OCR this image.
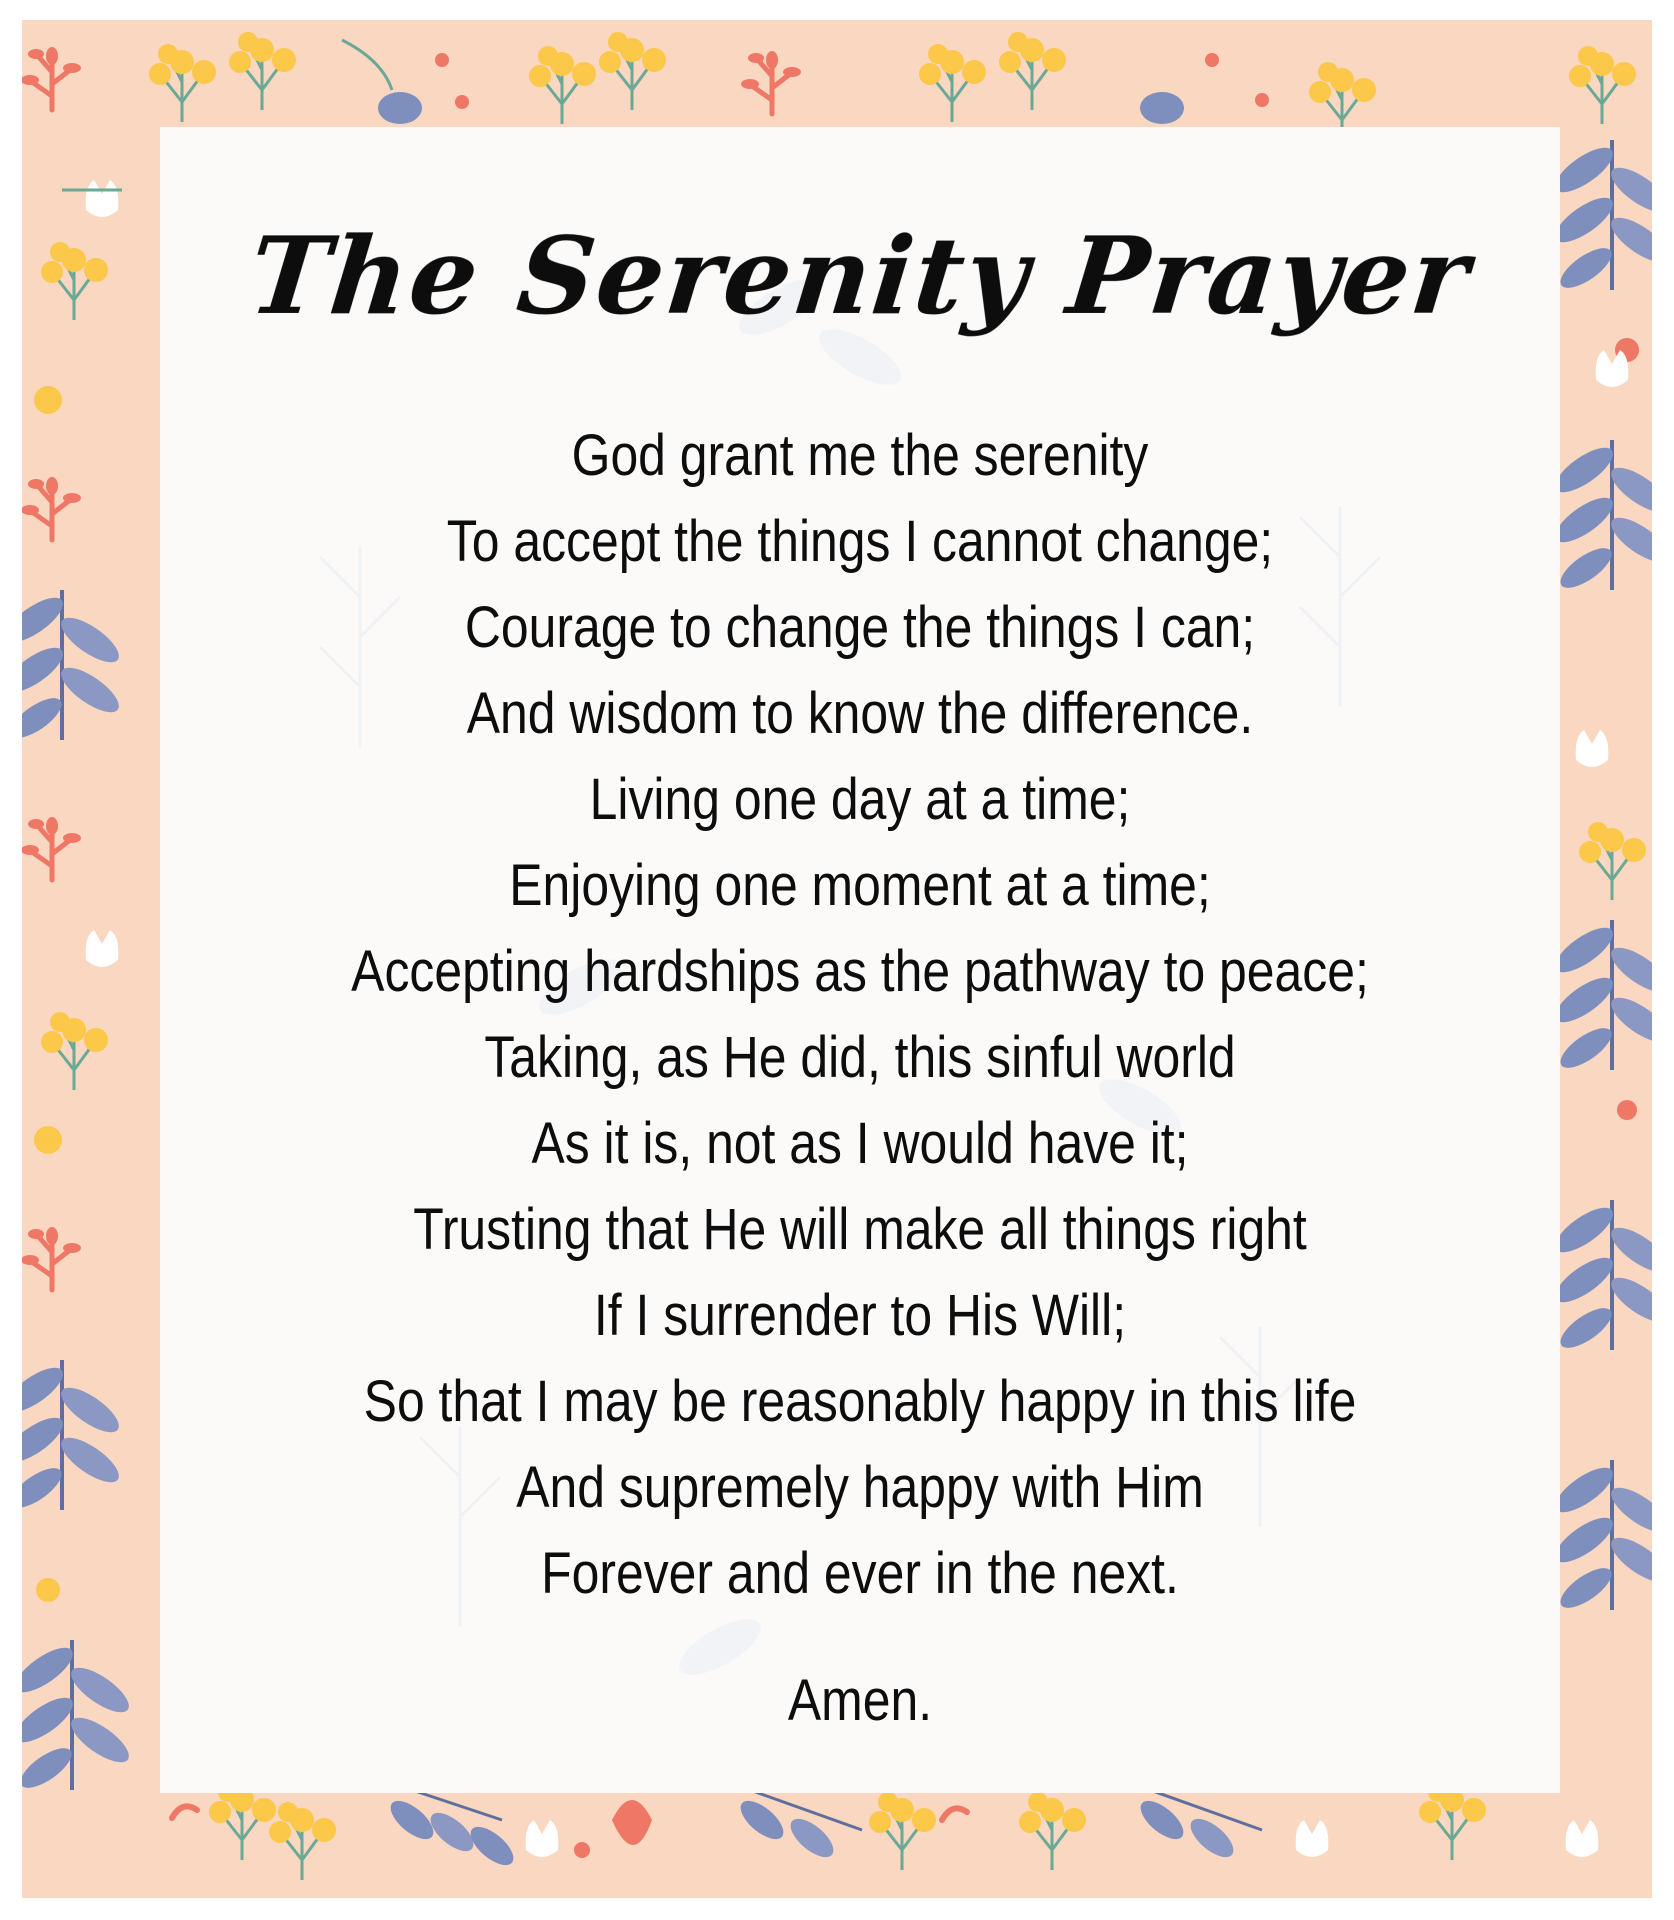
The Serenity Prayer
God grant me the serenity
To accept the things I cannot change;
Courage to change the things I can;
And wisdom to know the difference.
Living one day at a time;
Enjoying one moment at a time;
Accepting hardships as the pathway to peace;
Taking, as He did, this sinful world
As it is, not as I would have it;
Trusting that He will make all things right
If I surrender to His Will;
So that I may be reasonably happy in this life
And supremely happy with Him
Forever and ever in the next.
Amen.
